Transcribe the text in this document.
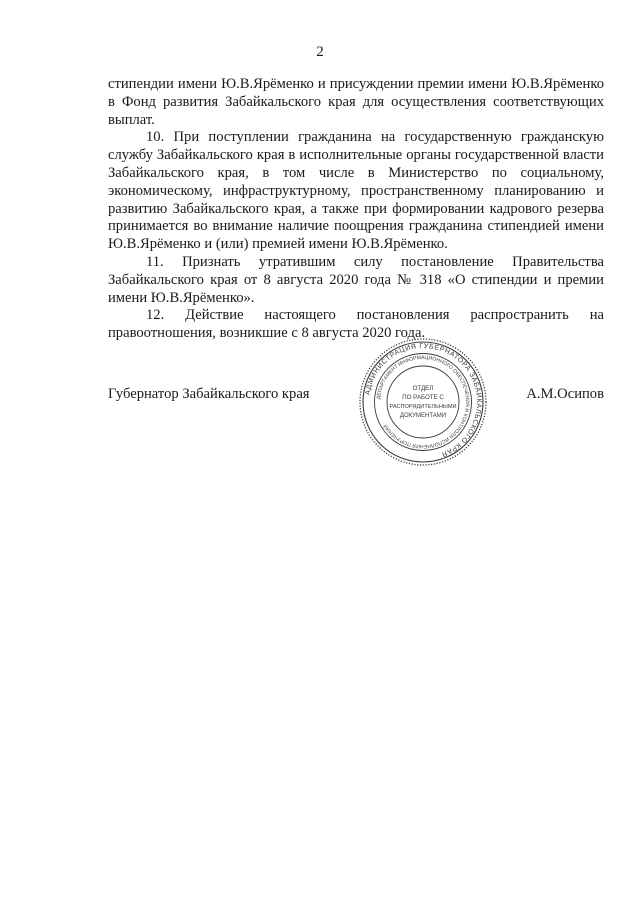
2

стипендии имени Ю.В.Ярёменко и присуждении премии имени Ю.В.Ярёменко в Фонд развития Забайкальского края для осуществления соответствующих выплат.

10. При поступлении гражданина на государственную гражданскую службу Забайкальского края в исполнительные органы государственной власти Забайкальского края, в том числе в Министерство по социальному, экономическому, инфраструктурному, пространственному планированию и развитию Забайкальского края, а также при формировании кадрового резерва принимается во внимание наличие поощрения гражданина стипендией имени Ю.В.Ярёменко и (или) премией имени Ю.В.Ярёменко.

11. Признать утратившим силу постановление Правительства Забайкальского края от 8 августа 2020 года № 318 «О стипендии и премии имени Ю.В.Ярёменко».

12. Действие настоящего постановления распространить на правоотношения, возникшие с 8 августа 2020 года.

Губернатор Забайкальского края	А.М.Осипов
АДМИНИСТРАЦИЯ ГУБЕРНАТОРА ЗАБАЙКАЛЬСКОГО КРАЯ
ДЕПАРТАМЕНТ ИНФОРМАЦИОННОГО ОБЕСПЕЧЕНИЯ И КОНТРОЛЯ ИСПОЛНЕНИЯ ПОРУЧЕНИЙ
ОТДЕЛ
ПО РАБОТЕ С
РАСПОРЯДИТЕЛЬНЫМИ
ДОКУМЕНТАМИ
